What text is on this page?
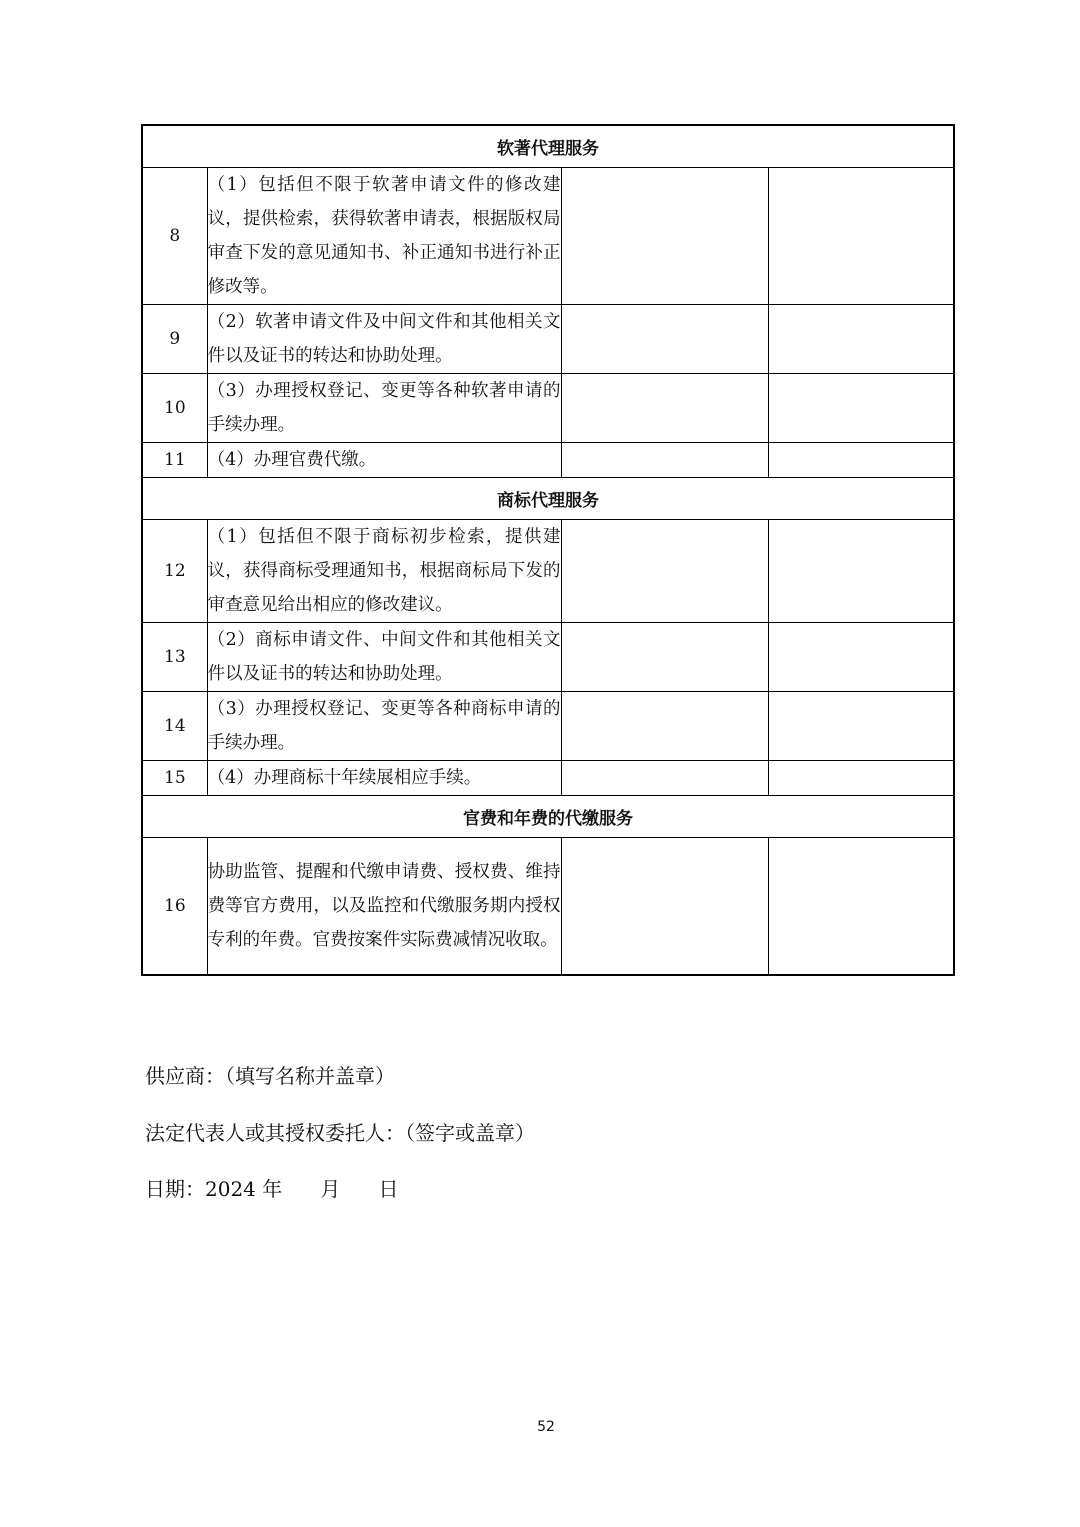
软著代理服务			
8	（1）包括但不限于软著申请文件的修改建议，提供检索，获得软著申请表，根据版权局审查下发的意见通知书、补正通知书进行补正修改等。		
9	（2）软著申请文件及中间文件和其他相关文件以及证书的转达和协助处理。		
10	（3）办理授权登记、变更等各种软著申请的手续办理。		
11	（4）办理官费代缴。		
商标代理服务			
12	（1）包括但不限于商标初步检索，提供建议，获得商标受理通知书，根据商标局下发的审查意见给出相应的修改建议。		
13	（2）商标申请文件、中间文件和其他相关文件以及证书的转达和协助处理。		
14	（3）办理授权登记、变更等各种商标申请的手续办理。		
15	（4）办理商标十年续展相应手续。		
官费和年费的代缴服务			
16	协助监管、提醒和代缴申请费、授权费、维持费等官方费用，以及监控和代缴服务期内授权专利的年费。官费按案件实际费减情况收取。		
供应商：（填写名称并盖章）
法定代表人或其授权委托人：（签字或盖章）
日期：2024 年      月      日
52
